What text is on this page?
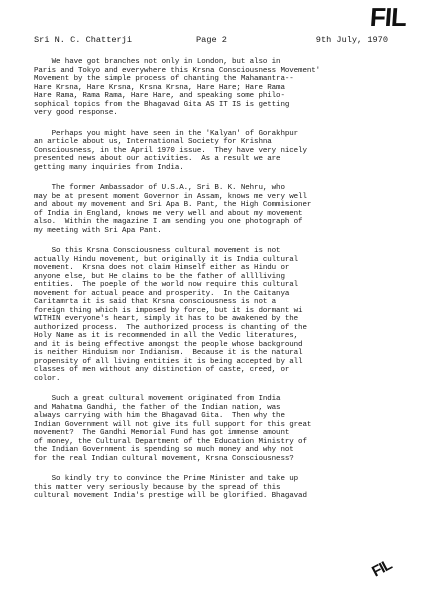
FIL
Sri N. C. Chatterji	Page 2	9th July, 1970

We have got branches not only in London, but also in
Paris and Tokyo and everywhere this Krsna Consciousness Movement'
Movement by the simple process of chanting the Mahamantra--
Hare Krsna, Hare Krsna, Krsna Krsna, Hare Hare; Hare Rama
Hare Rama, Rama Rama, Hare Hare, and speaking some philo-
sophical topics from the Bhagavad Gita AS IT IS is getting
very good response.

Perhaps you might have seen in the 'Kalyan' of Gorakhpur
an article about us, International Society for Krishna
Consciousness, in the April 1970 issue.  They have very nicely
presented news about our activities.  As a result we are
getting many inquiries from India.

The former Ambassador of U.S.A., Sri B. K. Nehru, who
may be at present moment Governor in Assam, knows me very well
and about my movement and Sri Apa B. Pant, the High Commisioner
of India in England, knows me very well and about my movement
also.  Within the magazine I am sending you one photograph of
my meeting with Sri Apa Pant.

So this Krsna Consciousness cultural movement is not
actually Hindu movement, but originally it is India cultural
movement.  Krsna does not claim Himself either as Hindu or
anyone else, but He claims to be the father of alllliving
entities.  The poeple of the world now require this cultural
movement for actual peace and prosperity.  In the Caitanya
Caritamrta it is said that Krsna consciousness is not a
foreign thing which is imposed by force, but it is dormant wi
WITHIN everyone's heart, simply it has to be awakened by the
authorized process.  The authorized process is chanting of the
Holy Name as it is recommended in all the Vedic literatures,
and it is being effective amongst the people whose background
is neither Hinduism nor Indianism.  Because it is the natural
propensity of all living entities it is being accepted by all
classes of men without any distinction of caste, creed, or
color.

Such a great cultural movement originated from India
and Mahatma Gandhi, the father of the Indian nation, was
always carrying with him the Bhagavad Gita.  Then why the
Indian Government will not give its full support for this great
movement?  The Gandhi Memorial Fund has got immense amount
of money, the Cultural Department of the Education Ministry of
the Indian Government is spending so much money and why not
for the real Indian cultural movement, Krsna Consciousness?

So kindly try to convince the Prime Minister and take up
this matter very seriously because by the spread of this
cultural movement India's prestige will be glorified. Bhagavad

FIL
